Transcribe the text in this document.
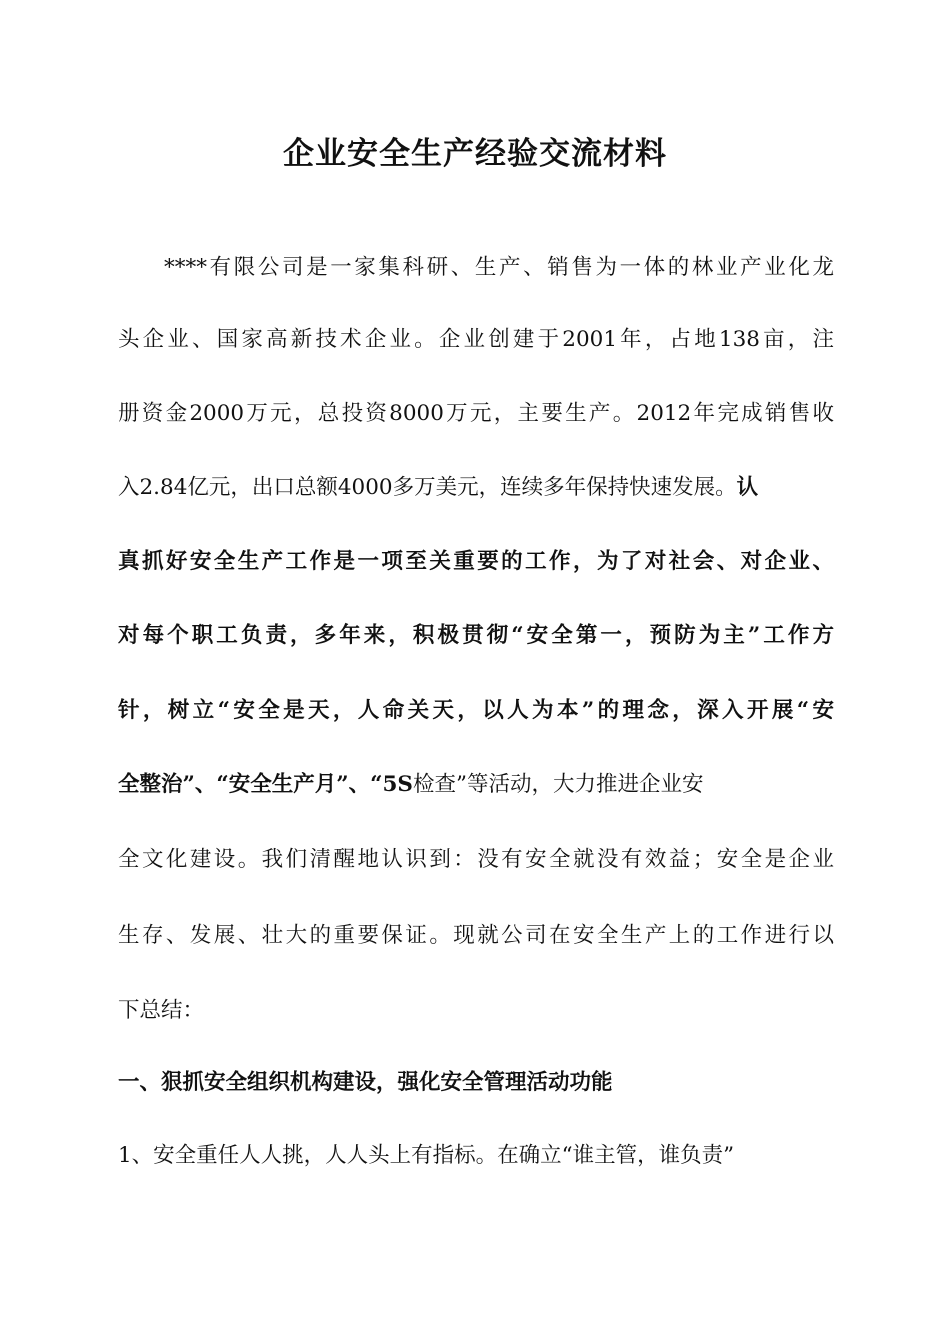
企业安全生产经验交流材料
****有限公司是一家集科研、生产、销售为一体的林业产业化龙
头企业、国家高新技术企业。企业创建于2001年，占地138亩，注
册资金2000万元，总投资8000万元，主要生产。2012年完成销售收
入2.84亿元，出口总额4000多万美元，连续多年保持快速发展。认
真抓好安全生产工作是一项至关重要的工作，为了对社会、对企业、
对每个职工负责，多年来，积极贯彻“安全第一，预防为主”工作方
针，树立“安全是天，人命关天，以人为本”的理念，深入开展“安
全整治”、“安全生产月”、“5S检查”等活动，大力推进企业安
全文化建设。我们清醒地认识到：没有安全就没有效益；安全是企业
生存、发展、壮大的重要保证。现就公司在安全生产上的工作进行以
下总结：
一、狠抓安全组织机构建设，强化安全管理活动功能
1、安全重任人人挑，人人头上有指标。在确立“谁主管，谁负责”
